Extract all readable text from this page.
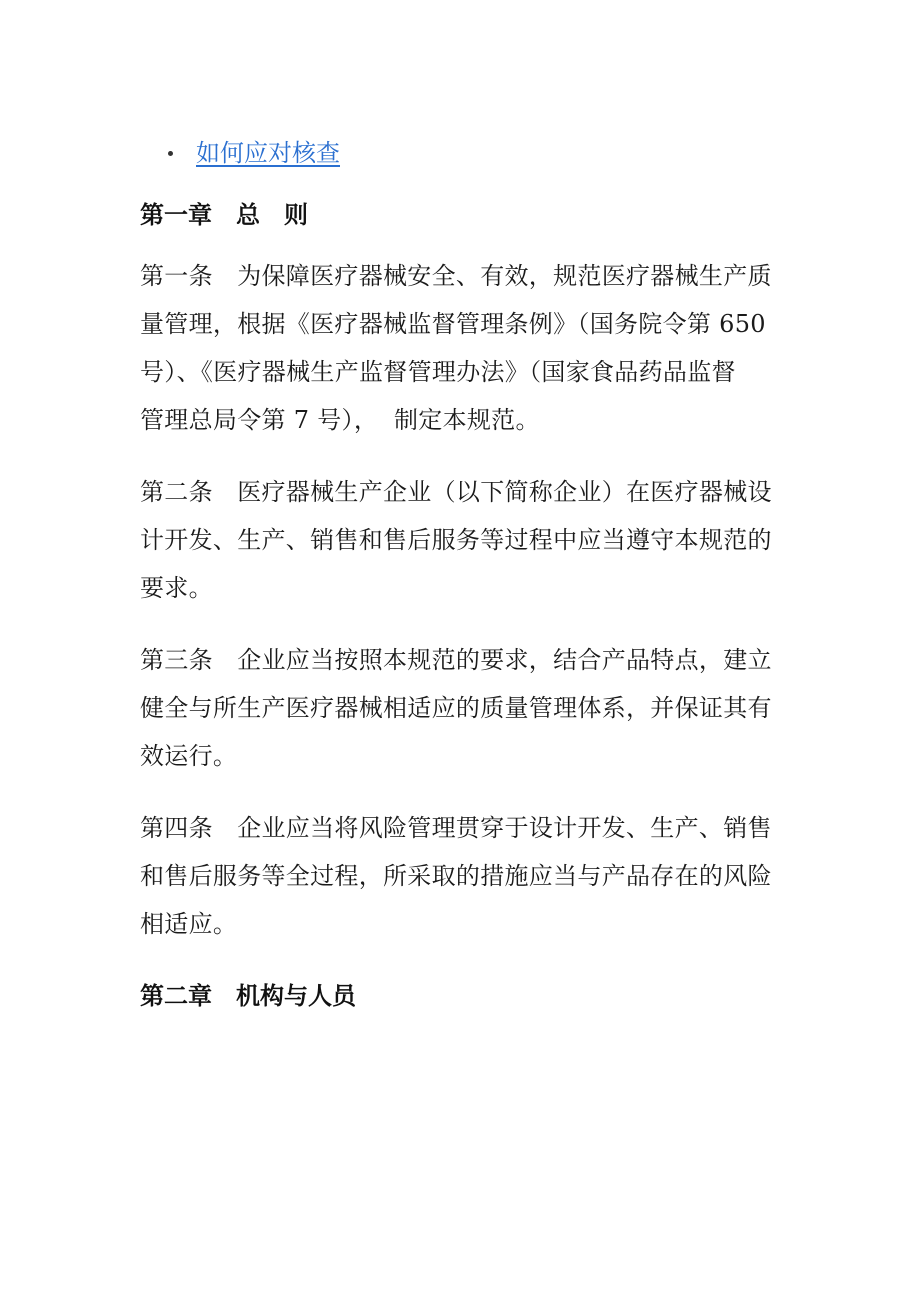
如何应对核查
第一章　总　则

第一条　为保障医疗器械安全、有效，规范医疗器械生产质
量管理，根据《医疗器械监督管理条例》（国务院令第 650
号）、《医疗器械生产监督管理办法》（国家食品药品监督
管理总局令第 7 号），  制定本规范。

第二条　医疗器械生产企业（以下简称企业）在医疗器械设
计开发、生产、销售和售后服务等过程中应当遵守本规范的
要求。

第三条　企业应当按照本规范的要求，结合产品特点，建立
健全与所生产医疗器械相适应的质量管理体系，并保证其有
效运行。

第四条　企业应当将风险管理贯穿于设计开发、生产、销售
和售后服务等全过程，所采取的措施应当与产品存在的风险
相适应。

第二章　机构与人员
